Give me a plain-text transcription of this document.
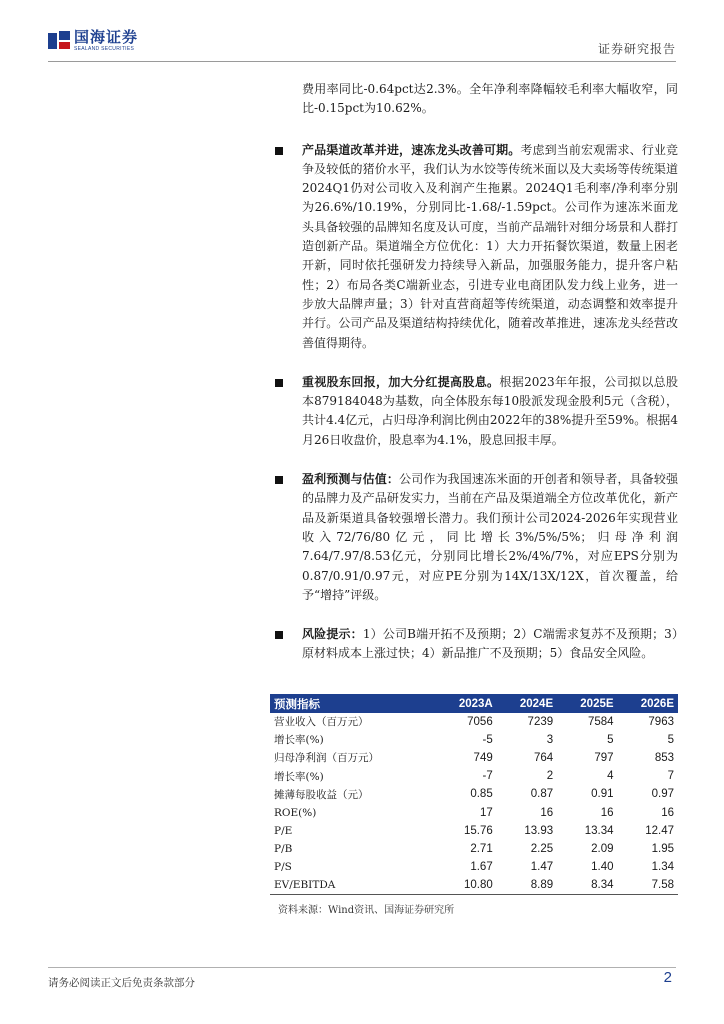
国海证券
SEALAND SECURITIES	证券研究报告

费用率同比-0.64pct达2.3%。全年净利率降幅较毛利率大幅收窄，同比-0.15pct为10.62%。

产品渠道改革并进，速冻龙头改善可期。考虑到当前宏观需求、行业竞争及较低的猪价水平，我们认为水饺等传统米面以及大卖场等传统渠道2024Q1仍对公司收入及利润产生拖累。2024Q1毛利率/净利率分别为26.6%/10.19%，分别同比-1.68/-1.59pct。公司作为速冻米面龙头具备较强的品牌知名度及认可度，当前产品端针对细分场景和人群打造创新产品。渠道端全方位优化：1）大力开拓餐饮渠道，数量上困老开新，同时依托强研发力持续导入新品，加强服务能力，提升客户粘性；2）布局各类C端新业态，引进专业电商团队发力线上业务，进一步放大品牌声量；3）针对直营商超等传统渠道，动态调整和效率提升并行。公司产品及渠道结构持续优化，随着改革推进，速冻龙头经营改善值得期待。

重视股东回报，加大分红提高股息。根据2023年年报，公司拟以总股本879184048为基数，向全体股东每10股派发现金股利5元（含税），共计4.4亿元，占归母净利润比例由2022年的38%提升至59%。根据4月26日收盘价，股息率为4.1%，股息回报丰厚。

盈利预测与估值：公司作为我国速冻米面的开创者和领导者，具备较强的品牌力及产品研发实力，当前在产品及渠道端全方位改革优化，新产品及新渠道具备较强增长潜力。我们预计公司2024-2026年实现营业收入72/76/80亿元，同比增长3%/5%/5%；归母净利润7.64/7.97/8.53亿元，分别同比增长2%/4%/7%，对应EPS分别为0.87/0.91/0.97元，对应PE分别为14X/13X/12X，首次覆盖，给予“增持”评级。

风险提示：1）公司B端开拓不及预期；2）C端需求复苏不及预期；3）原材料成本上涨过快；4）新品推广不及预期；5）食品安全风险。

预测指标	2023A	2024E	2025E	2026E
营业收入（百万元）	7056	7239	7584	7963
增长率(%)	-5	3	5	5
归母净利润（百万元）	749	764	797	853
增长率(%)	-7	2	4	7
摊薄每股收益（元）	0.85	0.87	0.91	0.97
ROE(%)	17	16	16	16
P/E	15.76	13.93	13.34	12.47
P/B	2.71	2.25	2.09	1.95
P/S	1.67	1.47	1.40	1.34
EV/EBITDA	10.80	8.89	8.34	7.58
资料来源：Wind资讯、国海证券研究所
请务必阅读正文后免责条款部分	2
